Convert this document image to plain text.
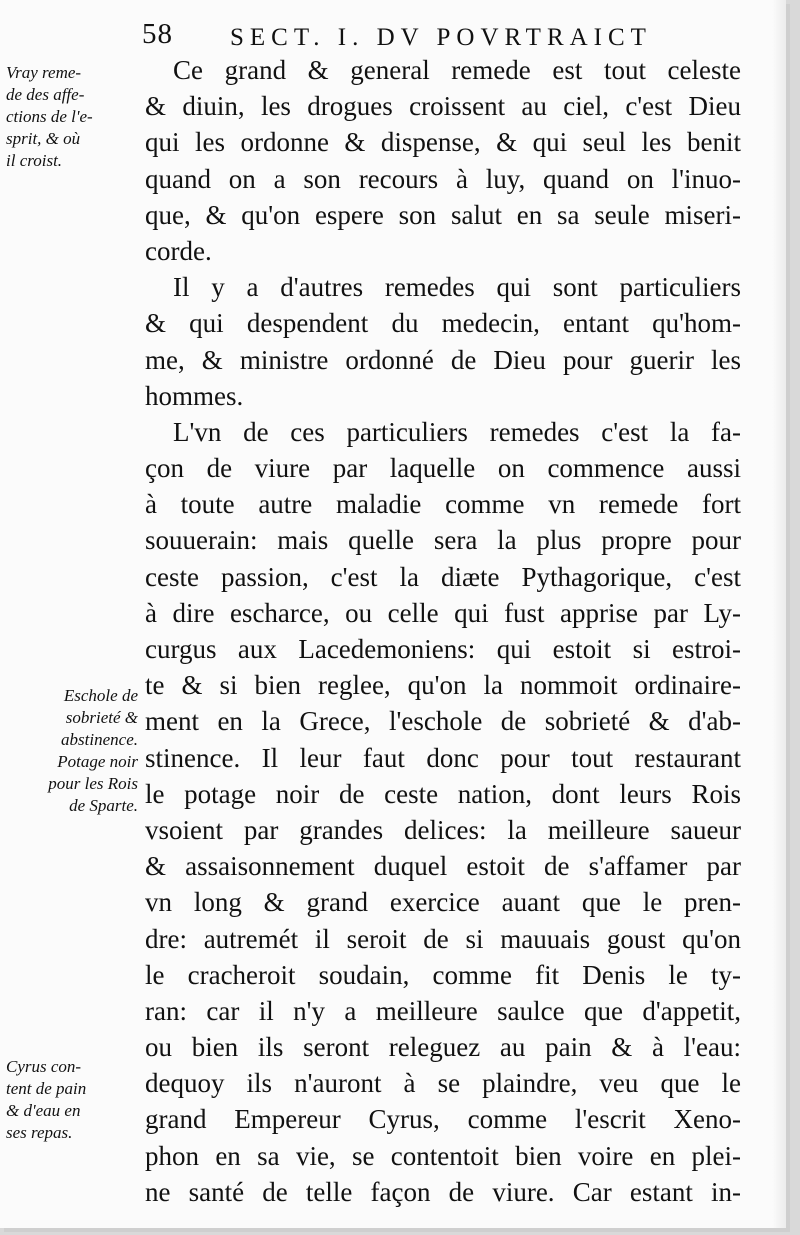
58 SECT. I. DV POVRTRAICT
Vray reme-
de des affe-
ctions de l'e-
sprit, & où
il croist.
Eschole de
sobrieté &
abstinence.
Potage noir
pour les Rois
de Sparte.
Cyrus con-
tent de pain
& d'eau en
ses repas.
Ce grand & general remede est tout celeste
& diuin, les drogues croissent au ciel, c'est Dieu
qui les ordonne & dispense, & qui seul les benit
quand on a son recours à luy, quand on l'inuo-
que, & qu'on espere son salut en sa seule miseri-
corde.
Il y a d'autres remedes qui sont particuliers
& qui despendent du medecin, entant qu'hom-
me, & ministre ordonné de Dieu pour guerir les
hommes.
L'vn de ces particuliers remedes c'est la fa-
çon de viure par laquelle on commence aussi
à toute autre maladie comme vn remede fort
souuerain: mais quelle sera la plus propre pour
ceste passion, c'est la diæte Pythagorique, c'est
à dire escharce, ou celle qui fust apprise par Ly-
curgus aux Lacedemoniens: qui estoit si estroi-
te & si bien reglee, qu'on la nommoit ordinaire-
ment en la Grece, l'eschole de sobrieté & d'ab-
stinence. Il leur faut donc pour tout restaurant
le potage noir de ceste nation, dont leurs Rois
vsoient par grandes delices: la meilleure saueur
& assaisonnement duquel estoit de s'affamer par
vn long & grand exercice auant que le pren-
dre: autremét il seroit de si mauuais goust qu'on
le cracheroit soudain, comme fit Denis le ty-
ran: car il n'y a meilleure saulce que d'appetit,
ou bien ils seront releguez au pain & à l'eau:
dequoy ils n'auront à se plaindre, veu que le
grand Empereur Cyrus, comme l'escrit Xeno-
phon en sa vie, se contentoit bien voire en plei-
ne santé de telle façon de viure. Car estant in-
